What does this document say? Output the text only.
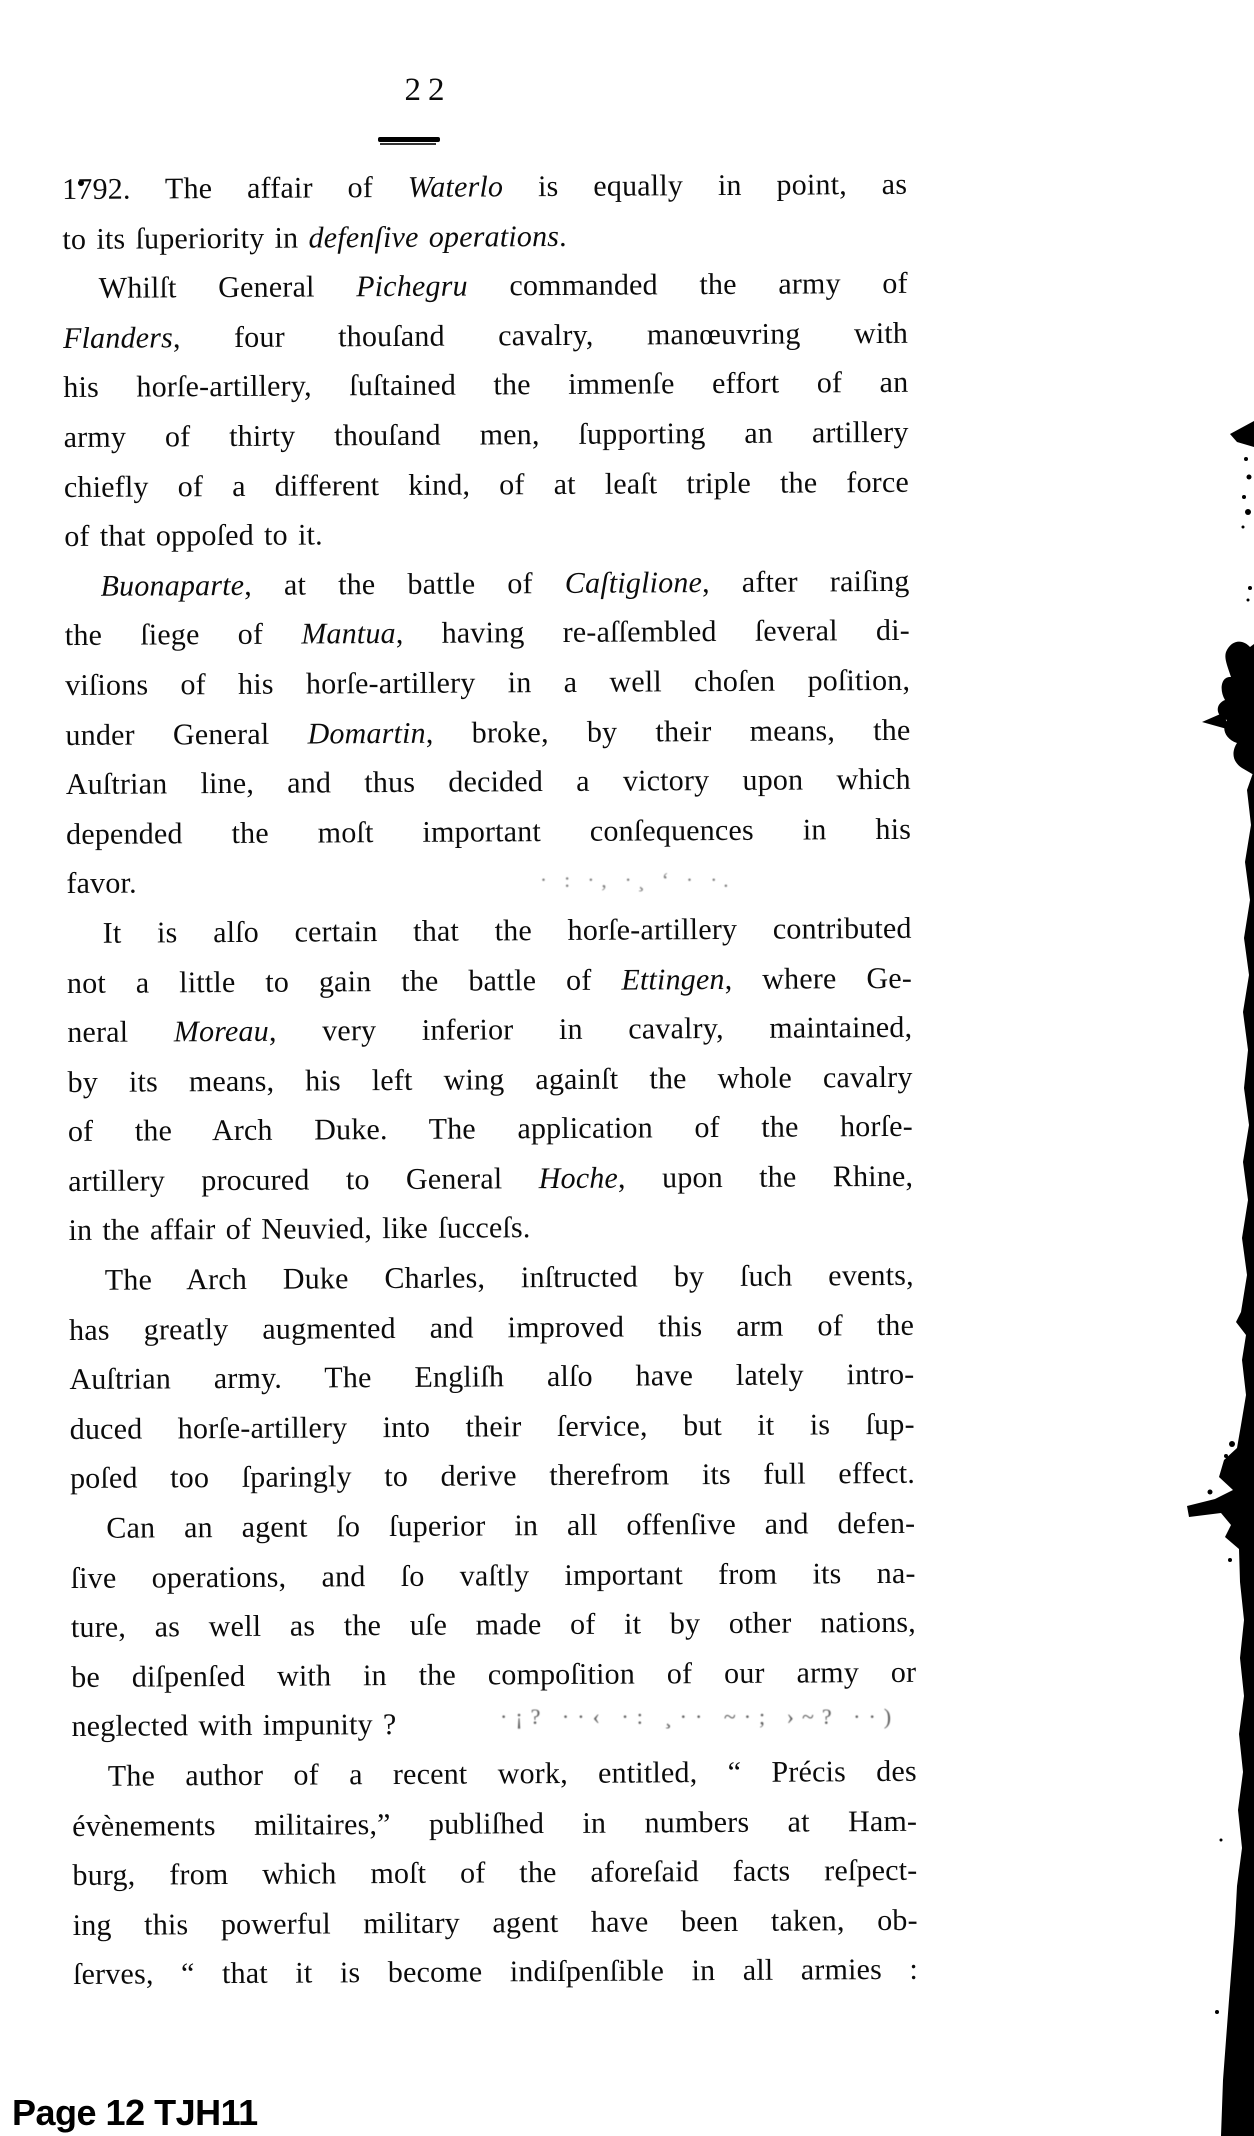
22
1792. The affair of Waterlo is equally in point, as
to its ſuperiority in defenſive operations.
Whilſt General Pichegru commanded the army of
Flanders, four thouſand cavalry, manœuvring with
his horſe-artillery, ſuſtained the immenſe effort of an
army of thirty thouſand men, ſupporting an artillery
chiefly of a different kind, of at leaſt triple the force
of that oppoſed to it.
Buonaparte, at the battle of Caſtiglione, after raiſing
the ſiege of Mantua, having re-aſſembled ſeveral di-
viſions of his horſe-artillery in a well choſen poſition,
under General Domartin, broke, by their means, the
Auſtrian line, and thus decided a victory upon which
depended the moſt important conſequences in his
favor.
It is alſo certain that the horſe-artillery contributed
not a little to gain the battle of Ettingen, where Ge-
neral Moreau, very inferior in cavalry, maintained,
by its means, his left wing againſt the whole cavalry
of the Arch Duke. The application of the horſe-
artillery procured to General Hoche, upon the Rhine,
in the affair of Neuvied, like ſucceſs.
The Arch Duke Charles, inſtructed by ſuch events,
has greatly augmented and improved this arm of the
Auſtrian army. The Engliſh alſo have lately intro-
duced horſe-artillery into their ſervice, but it is ſup-
poſed too ſparingly to derive therefrom its full effect.
Can an agent ſo ſuperior in all offenſive and defen-
ſive operations, and ſo vaſtly important from its na-
ture, as well as the uſe made of it by other nations,
be diſpenſed with in the compoſition of our army or
neglected with impunity ?
The author of a recent work, entitled, “ Précis des
évènements militaires,” publiſhed in numbers at Ham-
burg, from which moſt of the aforeſaid facts reſpect-
ing this powerful military agent have been taken, ob-
ſerves, “ that it is become indiſpenſible in all armies :
· : ·‚ ·¸ ‘ · ·.
·¡? ··‹ ·: ¸·· ~·; ›~? ··)
Page 12 TJH11
